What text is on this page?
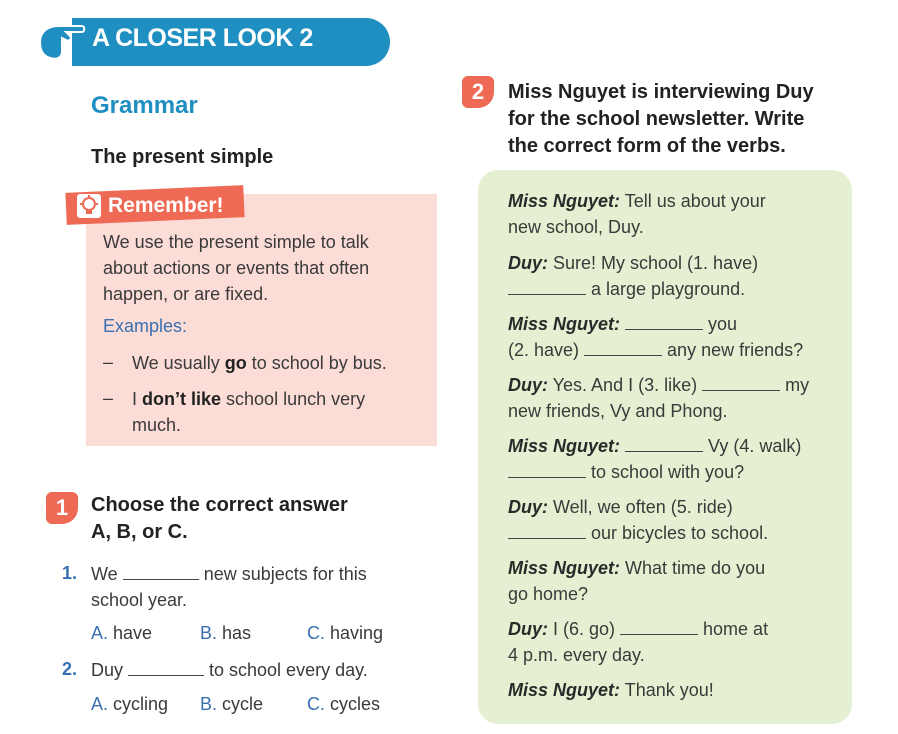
A CLOSER LOOK 2
Grammar
The present simple
Remember!
We use the present simple to talk
about actions or events that often
happen, or are fixed.
Examples:
– We usually go to school by bus.
– I don’t like school lunch very
much.
1	Choose the correct answer
A, B, or C.
1. We	new subjects for this
school year.
A. have	B. has	C. having
2. Duy	to school every day.
A. cycling B. cycle C. cycles
2	Miss Nguyet is interviewing Duy
for the school newsletter. Write
the correct form of the verbs.
Miss Nguyet: Tell us about your
new school, Duy.
Duy: Sure! My school (1. have)
a large playground.
Miss Nguyet:	you
(2. have)	any new friends?
Duy: Yes. And I (3. like)	my
new friends, Vy and Phong.
Miss Nguyet:	Vy (4. walk)
to school with you?
Duy: Well, we often (5. ride)
our bicycles to school.
Miss Nguyet: What time do you
go home?
Duy: I (6. go)	home at
4 p.m. every day.
Miss Nguyet: Thank you!
